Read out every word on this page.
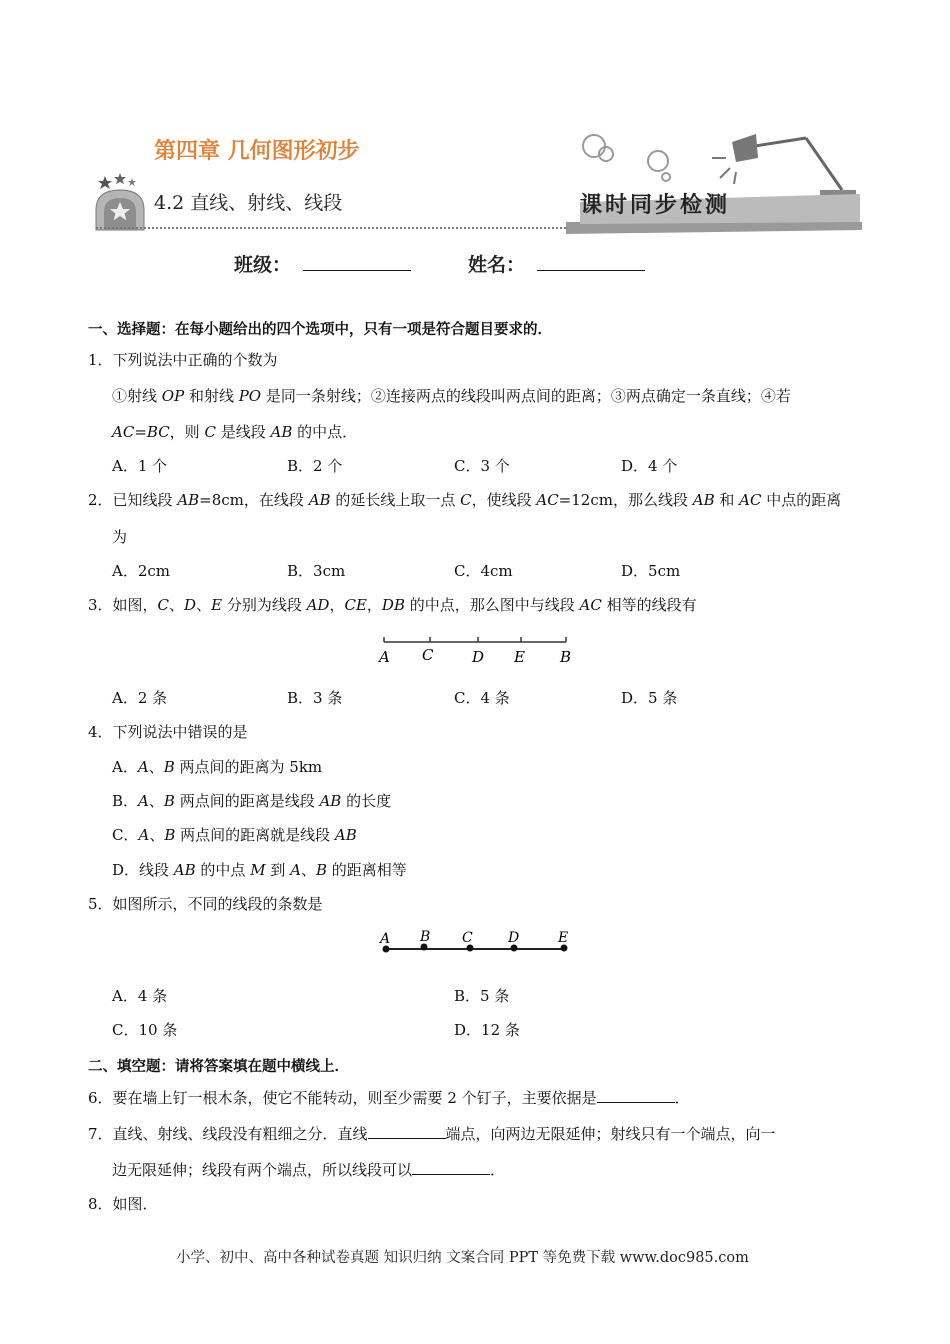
第四章 几何图形初步
4.2 直线、射线、线段	课时同步检测
班级：	姓名：
一、选择题：在每小题给出的四个选项中，只有一项是符合题目要求的．
1．下列说法中正确的个数为
①射线 OP 和射线 PO 是同一条射线；②连接两点的线段叫两点间的距离；③两点确定一条直线；④若
AC=BC，则 C 是线段 AB 的中点．
A．1 个	B．2 个	C．3 个	D．4 个
2．已知线段 AB=8cm，在线段 AB 的延长线上取一点 C，使线段 AC=12cm，那么线段 AB 和 AC 中点的距离
为
A．2cm	B．3cm	C．4cm	D．5cm
3．如图，C、D、E 分别为线段 AD，CE，DB 的中点，那么图中与线段 AC 相等的线段有
A C	D E B
A．2 条	B．3 条	C．4 条	D．5 条
4．下列说法中错误的是
A．A、B 两点间的距离为 5km
B．A、B 两点间的距离是线段 AB 的长度
C．A、B 两点间的距离就是线段 AB
D．线段 AB 的中点 M 到 A、B 的距离相等
5．如图所示，不同的线段的条数是
A B C	D	E
A．4 条	B．5 条
C．10 条	D．12 条
二、填空题：请将答案填在题中横线上．
6．要在墙上钉一根木条，使它不能转动，则至少需要 2 个钉子，主要依据是	．
7．直线、射线、线段没有粗细之分．直线	端点，向两边无限延伸；射线只有一个端点，向一
边无限延伸；线段有两个端点，所以线段可以	．
8．如图．
小学、初中、高中各种试卷真题 知识归纳 文案合同 PPT 等免费下载 www.doc985.com
